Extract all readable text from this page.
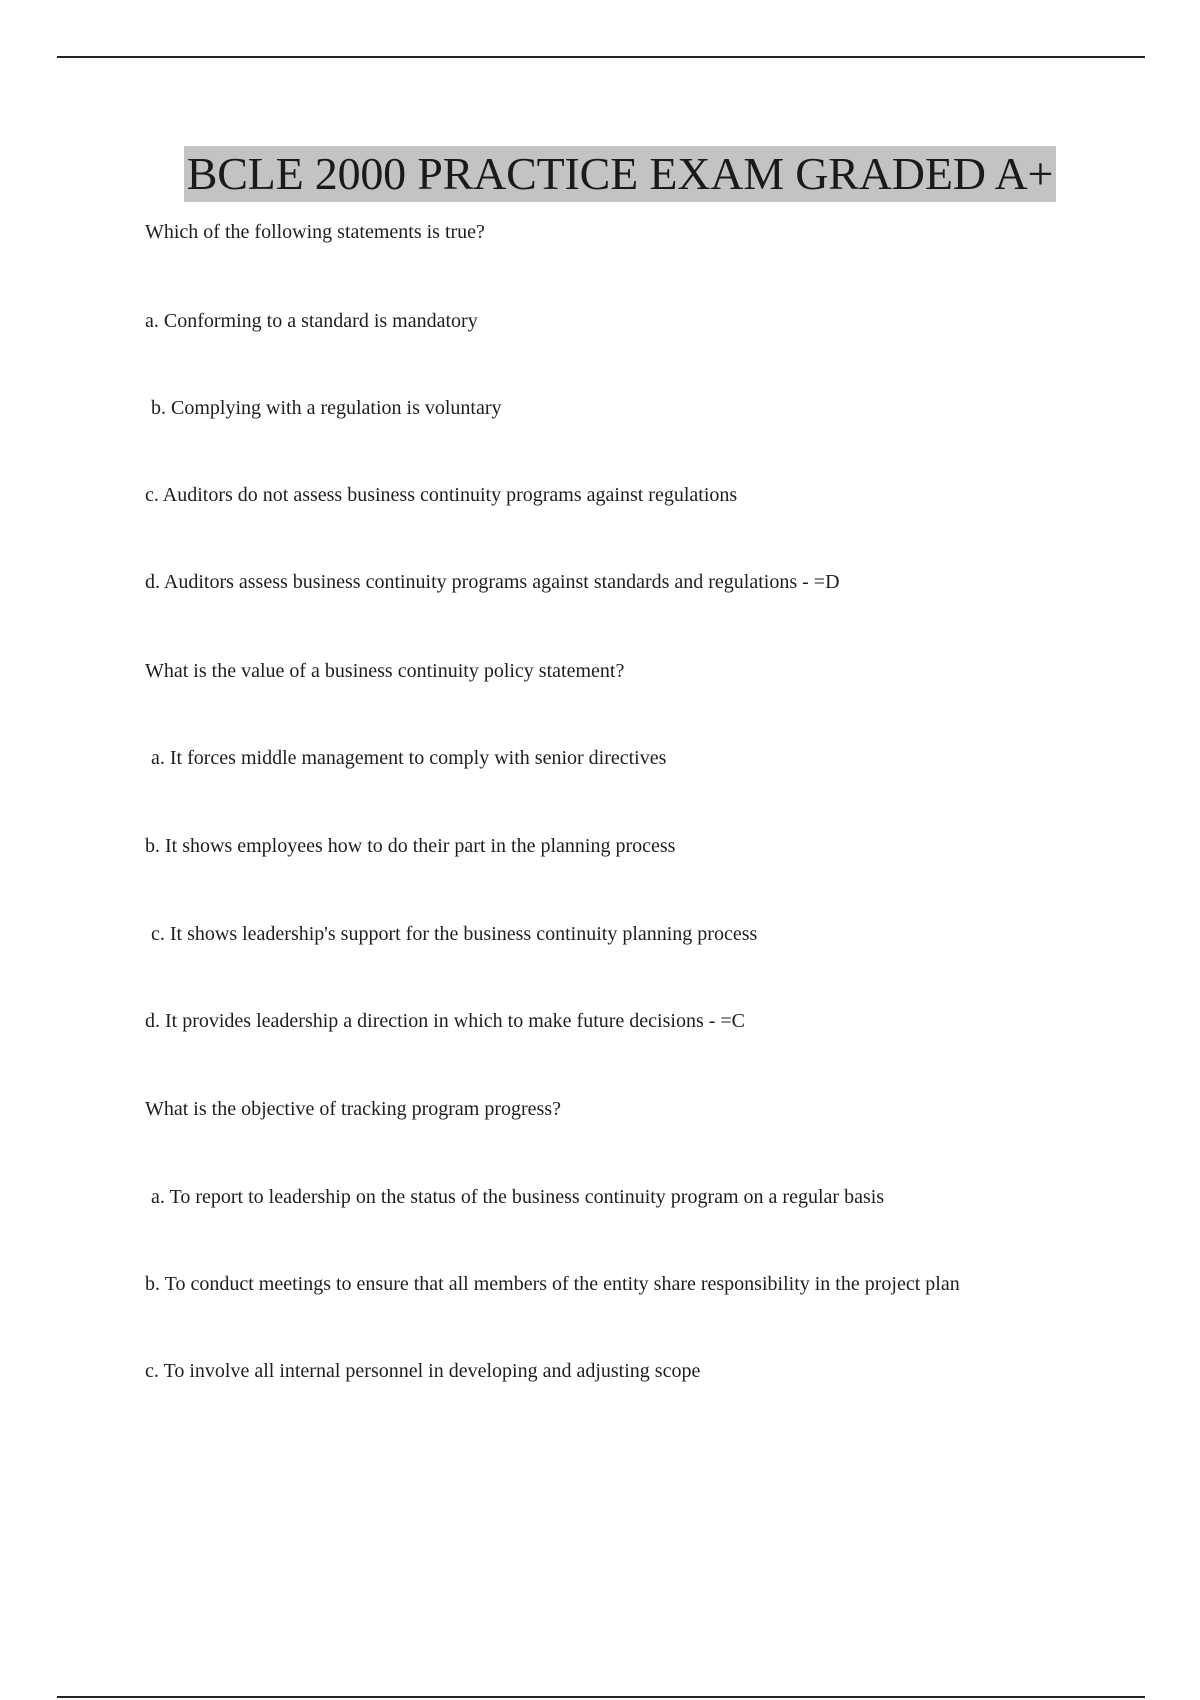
BCLE 2000 PRACTICE EXAM GRADED A+
Which of the following statements is true?
a. Conforming to a standard is mandatory
b. Complying with a regulation is voluntary
c. Auditors do not assess business continuity programs against regulations
d. Auditors assess business continuity programs against standards and regulations - =D
What is the value of a business continuity policy statement?
a. It forces middle management to comply with senior directives
b. It shows employees how to do their part in the planning process
c. It shows leadership's support for the business continuity planning process
d. It provides leadership a direction in which to make future decisions - =C
What is the objective of tracking program progress?
a. To report to leadership on the status of the business continuity program on a regular basis
b. To conduct meetings to ensure that all members of the entity share responsibility in the project plan
c. To involve all internal personnel in developing and adjusting scope
